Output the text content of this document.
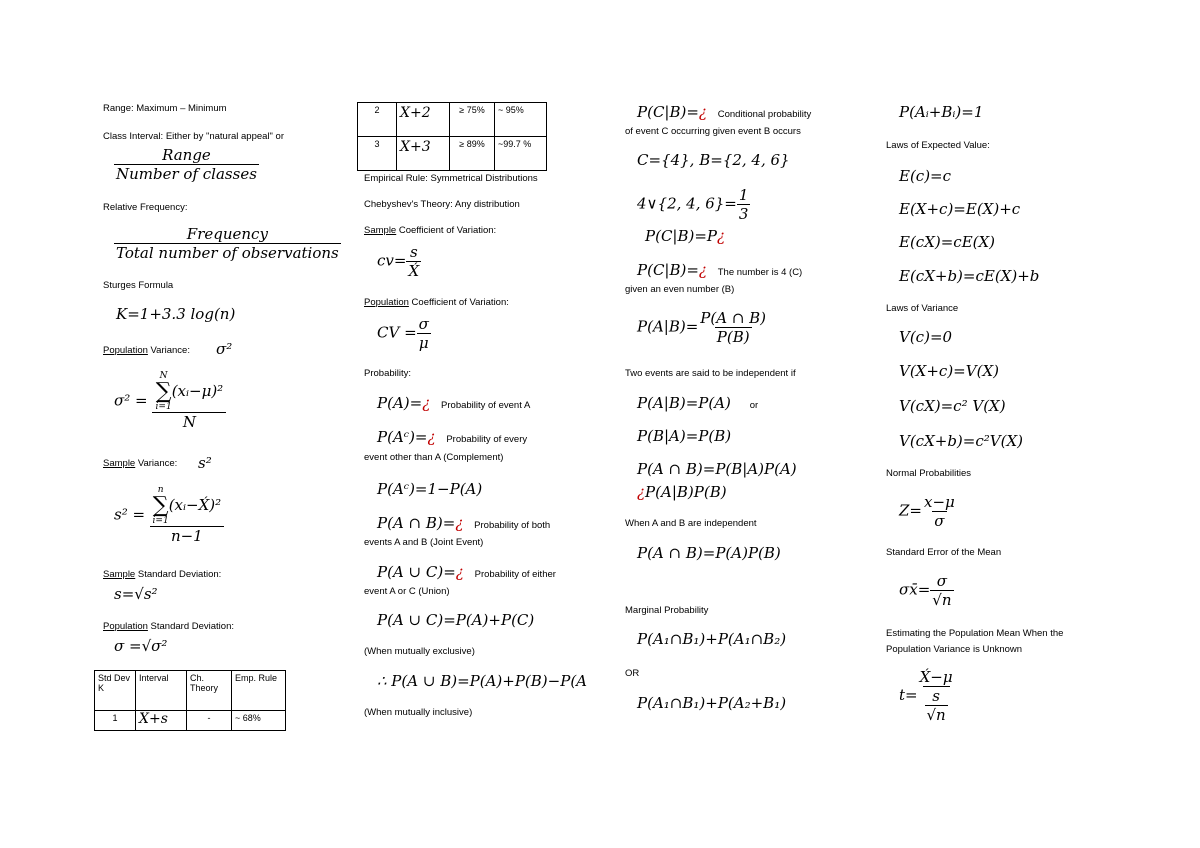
Range: Maximum – Minimum
Class Interval: Either by "natural appeal" or
$\frac{\text{Range}}{\text{Number of classes}}$
Relative Frequency:
$\frac{\text{Frequency}}{\text{Total number of observations}}$
Sturges Formula
K=1+3.3 log(n)
Population Variance: σ²
σ² = N
∑
i=1
(xᵢ−μ)²
N
Sample Variance: s²
s² = n
∑
i=1
(xᵢ−X́)²
n−1
Sample Standard Deviation:
s=√s²
Population Standard Deviation:
σ =√σ²
Std Dev K	Interval	Ch. Theory	Emp. Rule
1	X+s	-	~ 68%
2	X+2	≥ 75%	~ 95%
3	X+3	≥ 89%	~99.7 %
Empirical Rule: Symmetrical Distributions
Chebyshev's Theory: Any distribution
Sample Coefficient of Variation:
$cv= \frac{s}{X́}$
Population Coefficient of Variation:
CV = $\frac{\sigma}{\mu}$
Probability:
P(A)=¿ Probability of event A
P(Aᶜ)=¿ Probability of every
event other than A (Complement)
P(Aᶜ)=1−P(A)
P(A ∩ B)=¿ Probability of both
events A and B (Joint Event)
P(A ∪ C)=¿ Probability of either
event A or C (Union)
P(A ∪ C)=P(A)+P(C)
(When mutually exclusive)
∴ P(A ∪ B)=P(A)+P(B)−P(A
(When mutually inclusive)
P(C|B)=¿ Conditional probability
of event C occurring given event B occurs
C={4}, B={2, 4, 6}
4∨{2, 4, $6\}= \frac{1}{3}$
P(C|B)=P¿
P(C|B)=¿ The number is 4 (C)
given an even number (B)
$P(A|B)= \frac{P(A \cap B)}{P(B)}$
Two events are said to be independent if
P(A|B)=P(A) or
P(B|A)=P(B)
P(A ∩ B)=P(B|A)P(A)
¿P(A|B)P(B)
When A and B are independent
P(A ∩ B)=P(A)P(B)
Marginal Probability
P(A₁∩B₁)+P(A₁∩B₂)
OR
P(A₁∩B₁)+P(A₂+B₁)
P(Aᵢ+Bᵢ)=1
Laws of Expected Value:
E(c)=c
E(X+c)=E(X)+c
E(cX)=cE(X)
E(cX+b)=cE(X)+b
Laws of Variance
V(c)=0
V(X+c)=V(X)
V(cX)=c² V(X)
V(cX+b)=c²V(X)
Normal Probabilities
$Z= \frac{x-\mu}{\sigma}$
Standard Error of the Mean
σx̄= $\frac{\sigma}{√n}$
Estimating the Population Mean When the
Population Variance is Unknown
$t= \frac{X́-\mu}{\frac{s}{√n}}$
